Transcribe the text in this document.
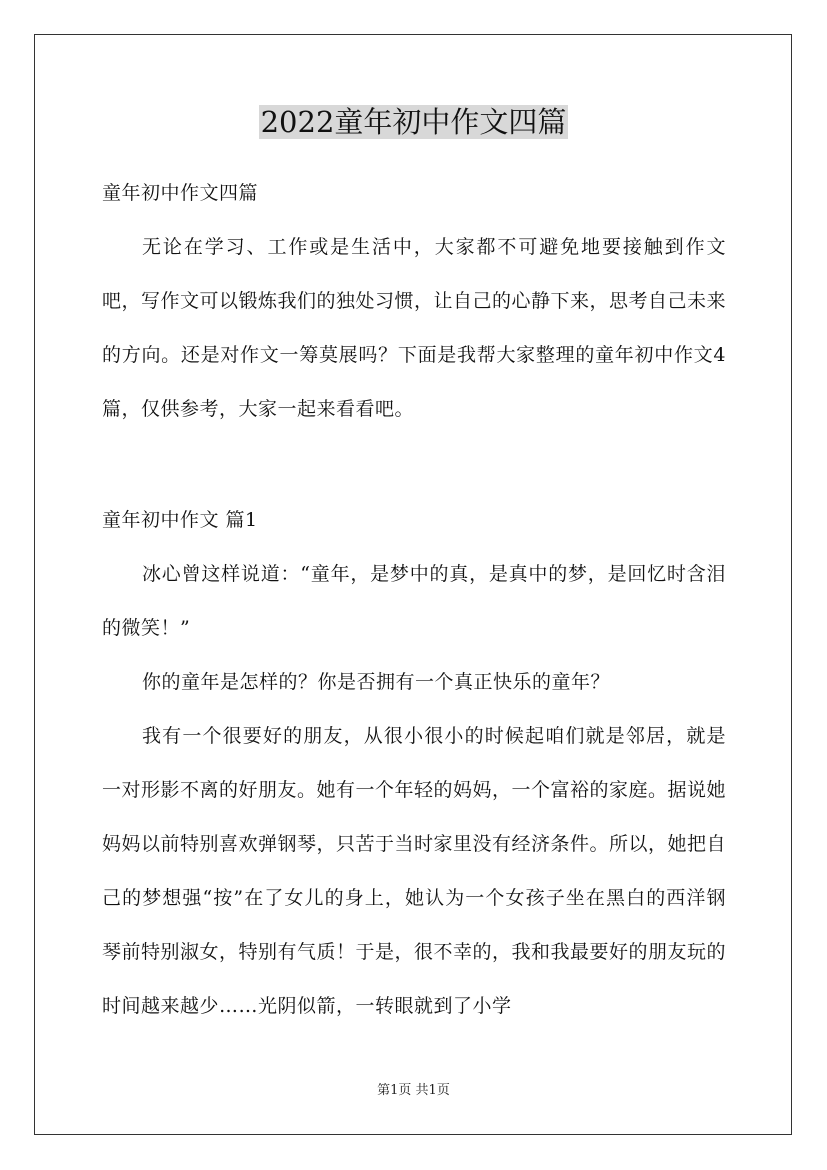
2022童年初中作文四篇
童年初中作文四篇

无论在学习、工作或是生活中，大家都不可避免地要接触到作文吧，写作文可以锻炼我们的独处习惯，让自己的心静下来，思考自己未来的方向。还是对作文一筹莫展吗？下面是我帮大家整理的童年初中作文4篇，仅供参考，大家一起来看看吧。

童年初中作文 篇1

冰心曾这样说道：“童年，是梦中的真，是真中的梦，是回忆时含泪的微笑！”

你的童年是怎样的？你是否拥有一个真正快乐的童年？

我有一个很要好的朋友，从很小很小的时候起咱们就是邻居，就是一对形影不离的好朋友。她有一个年轻的妈妈，一个富裕的家庭。据说她妈妈以前特别喜欢弹钢琴，只苦于当时家里没有经济条件。所以，她把自己的梦想强“按”在了女儿的身上，她认为一个女孩子坐在黑白的西洋钢琴前特别淑女，特别有气质！于是，很不幸的，我和我最要好的朋友玩的时间越来越少……光阴似箭，一转眼就到了小学

第1页 共1页
